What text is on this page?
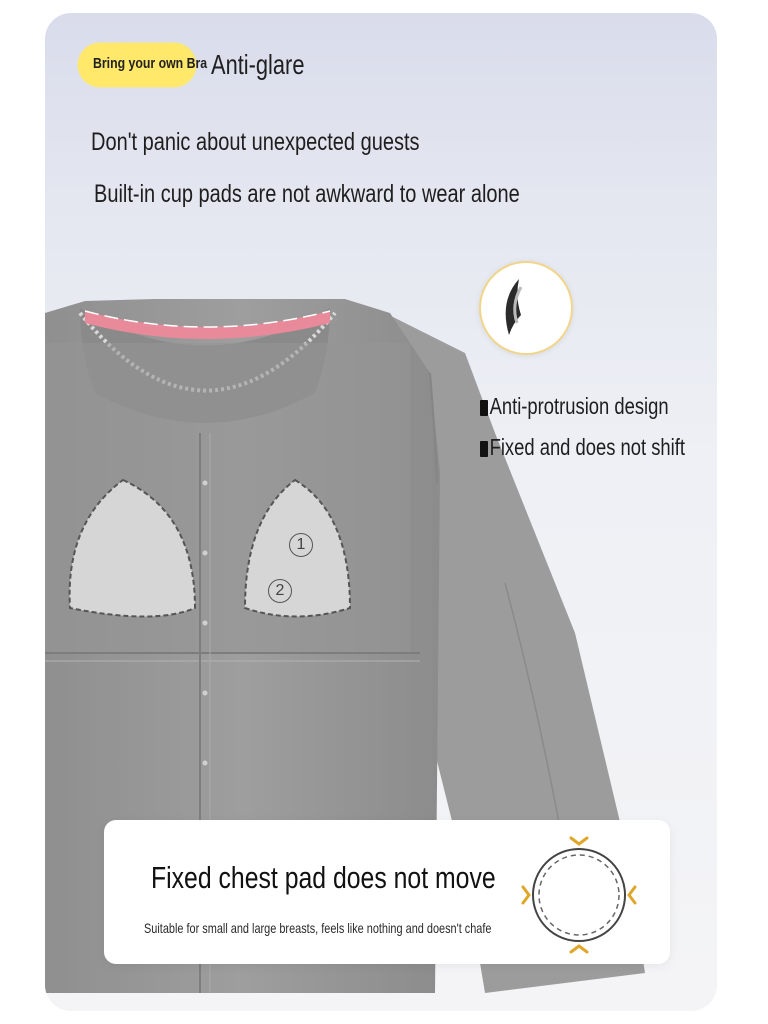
1
2
Bring your own Bra Anti-glare
Don't panic about unexpected guests
Built-in cup pads are not awkward to wear alone
Anti-protrusion design
Fixed and does not shift
Fixed chest pad does not move
Suitable for small and large breasts, feels like nothing and doesn't chafe
